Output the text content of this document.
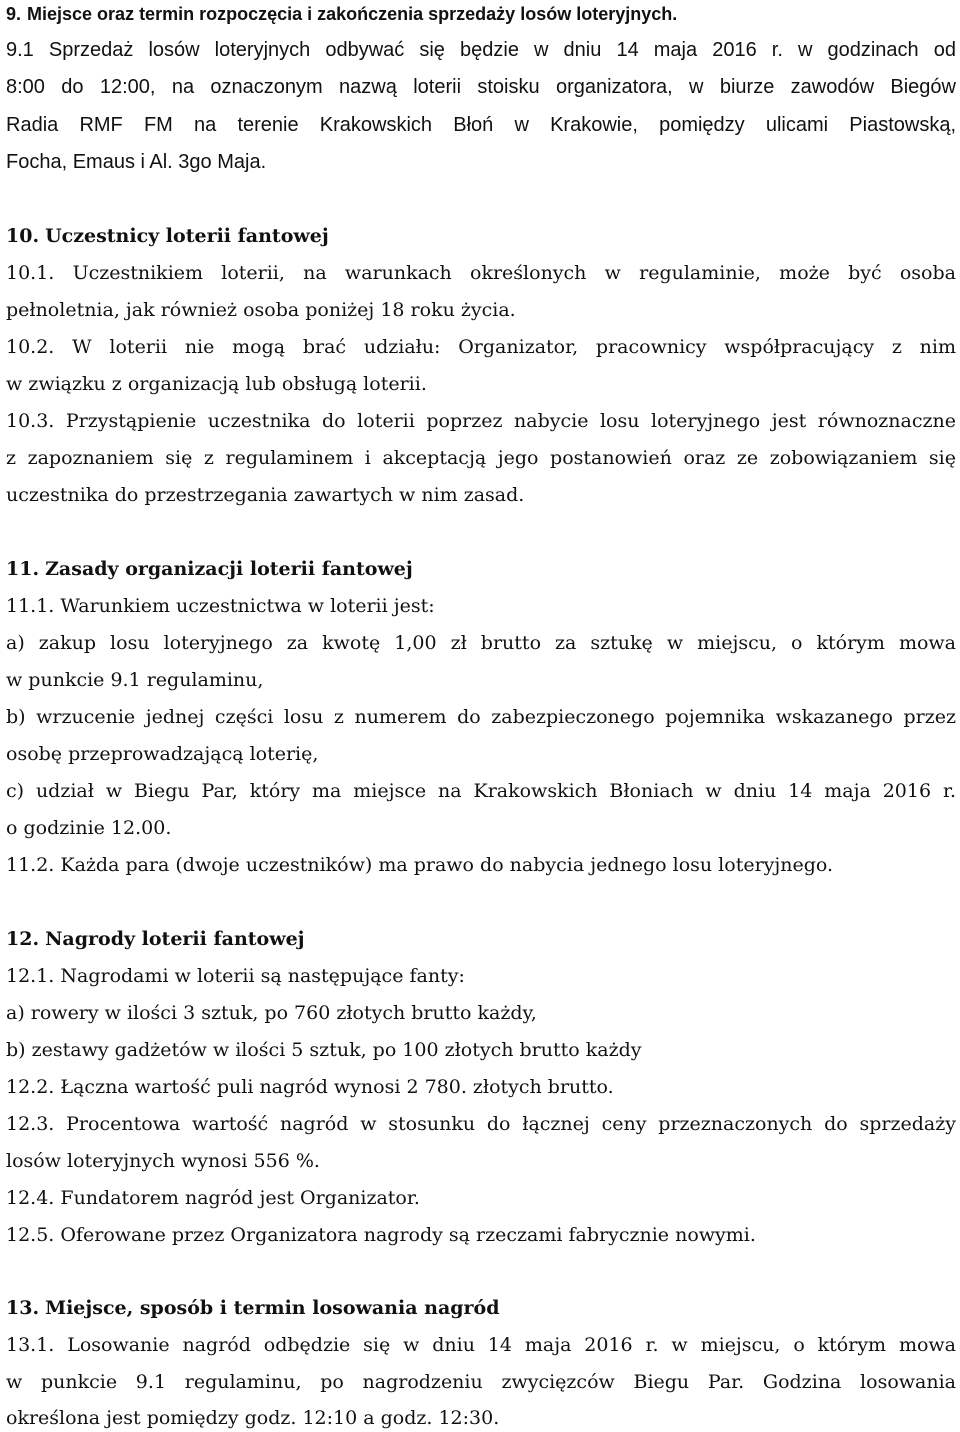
9. Miejsce oraz termin rozpoczęcia i zakończenia sprzedaży losów loteryjnych.
9.1 Sprzedaż losów loteryjnych odbywać się będzie w dniu 14 maja 2016 r. w godzinach od
8:00 do 12:00, na oznaczonym nazwą loterii stoisku organizatora, w biurze zawodów Biegów
Radia RMF FM na terenie Krakowskich Błoń w Krakowie, pomiędzy ulicami Piastowską,
Focha, Emaus i Al. 3go Maja.
10. Uczestnicy loterii fantowej
10.1. Uczestnikiem loterii, na warunkach określonych w regulaminie, może być osoba
pełnoletnia, jak również osoba poniżej 18 roku życia.
10.2. W loterii nie mogą brać udziału: Organizator, pracownicy współpracujący z nim
w związku z organizacją lub obsługą loterii.
10.3. Przystąpienie uczestnika do loterii poprzez nabycie losu loteryjnego jest równoznaczne
z zapoznaniem się z regulaminem i akceptacją jego postanowień oraz ze zobowiązaniem się
uczestnika do przestrzegania zawartych w nim zasad.
11. Zasady organizacji loterii fantowej
11.1. Warunkiem uczestnictwa w loterii jest:
a) zakup losu loteryjnego za kwotę 1,00 zł brutto za sztukę w miejscu, o którym mowa
w punkcie 9.1 regulaminu,
b) wrzucenie jednej części losu z numerem do zabezpieczonego pojemnika wskazanego przez
osobę przeprowadzającą loterię,
c) udział w Biegu Par, który ma miejsce na Krakowskich Błoniach w dniu 14 maja 2016 r.
o godzinie 12.00.
11.2. Każda para (dwoje uczestników) ma prawo do nabycia jednego losu loteryjnego.
12. Nagrody loterii fantowej
12.1. Nagrodami w loterii są następujące fanty:
a) rowery w ilości 3 sztuk, po 760 złotych brutto każdy,
b) zestawy gadżetów w ilości 5 sztuk, po 100 złotych brutto każdy
12.2. Łączna wartość puli nagród wynosi 2 780. złotych brutto.
12.3. Procentowa wartość nagród w stosunku do łącznej ceny przeznaczonych do sprzedaży
losów loteryjnych wynosi 556 %.
12.4. Fundatorem nagród jest Organizator.
12.5. Oferowane przez Organizatora nagrody są rzeczami fabrycznie nowymi.
13. Miejsce, sposób i termin losowania nagród
13.1. Losowanie nagród odbędzie się w dniu 14 maja 2016 r. w miejscu, o którym mowa
w punkcie 9.1 regulaminu, po nagrodzeniu zwycięzców Biegu Par. Godzina losowania
określona jest pomiędzy godz. 12:10 a godz. 12:30.
